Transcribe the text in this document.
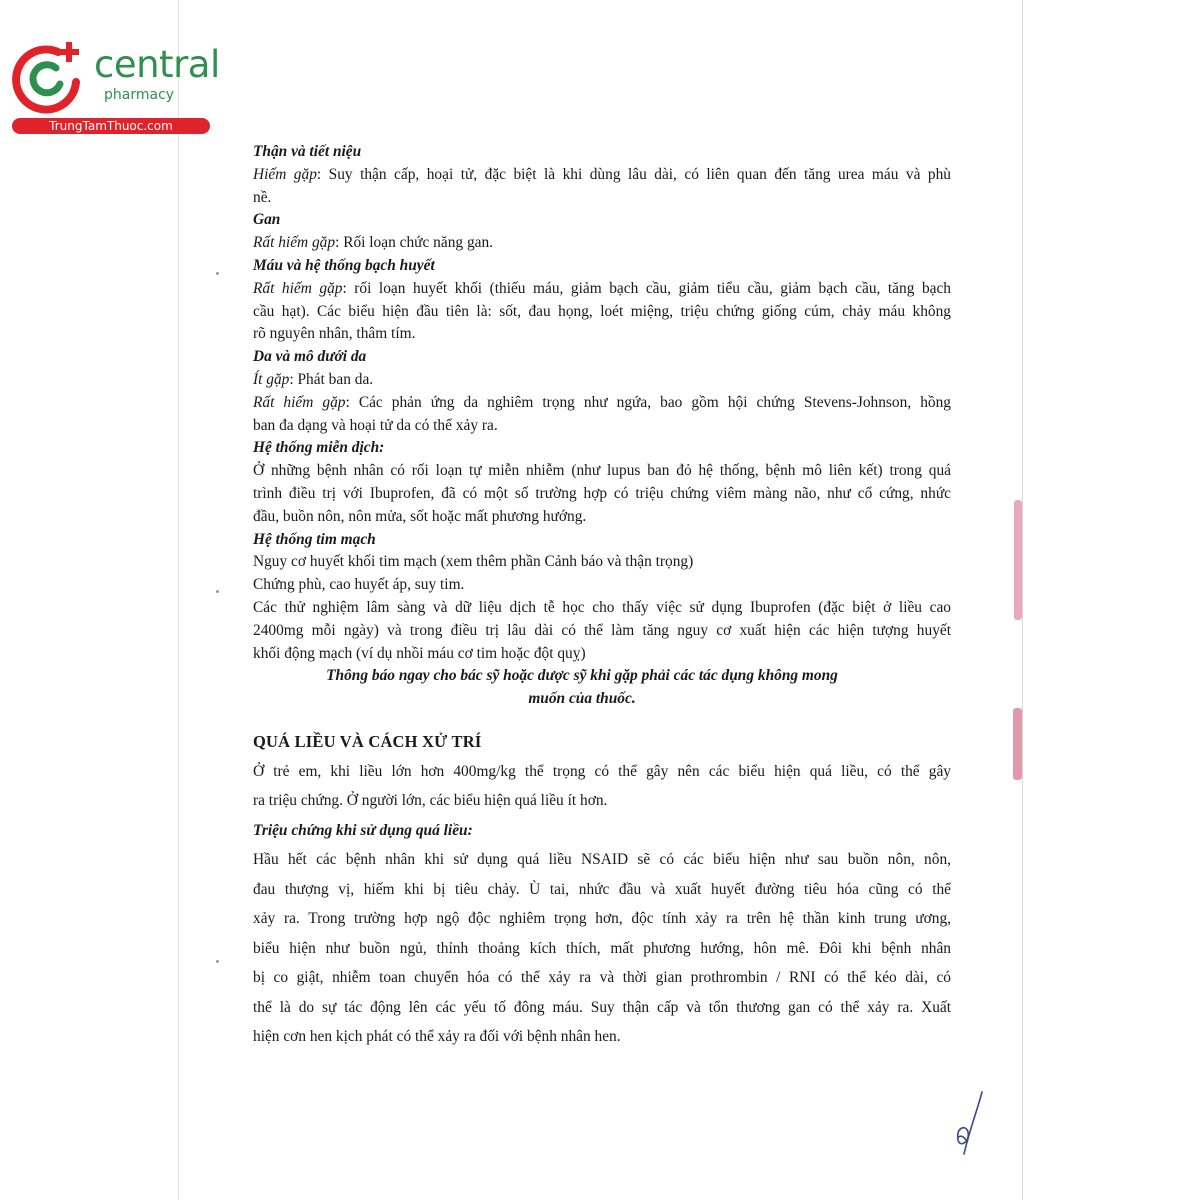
central
pharmacy
TrungTamThuoc.com
Thận và tiết niệu
Hiếm gặp: Suy thận cấp, hoại tử, đặc biệt là khi dùng lâu dài, có liên quan đến tăng urea máu và phù
nề.
Gan
Rất hiếm gặp: Rối loạn chức năng gan.
Máu và hệ thống bạch huyết
Rất hiếm gặp: rối loạn huyết khối (thiếu máu, giảm bạch cầu, giảm tiểu cầu, giảm bạch cầu, tăng bạch
cầu hạt). Các biểu hiện đầu tiên là: sốt, đau họng, loét miệng, triệu chứng giống cúm, chảy máu không
rõ nguyên nhân, thâm tím.
Da và mô dưới da
Ít gặp: Phát ban da.
Rất hiếm gặp: Các phản ứng da nghiêm trọng như ngứa, bao gồm hội chứng Stevens-Johnson, hồng
ban đa dạng và hoại tử da có thể xảy ra.
Hệ thống miễn dịch:
Ở những bệnh nhân có rối loạn tự miễn nhiễm (như lupus ban đỏ hệ thống, bệnh mô liên kết) trong quá
trình điều trị với Ibuprofen, đã có một số trường hợp có triệu chứng viêm màng não, như cổ cứng, nhức
đầu, buồn nôn, nôn mửa, sốt hoặc mất phương hướng.
Hệ thống tim mạch
Nguy cơ huyết khối tim mạch (xem thêm phần Cảnh báo và thận trọng)
Chứng phù, cao huyết áp, suy tim.
Các thử nghiệm lâm sàng và dữ liệu dịch tễ học cho thấy việc sử dụng Ibuprofen (đặc biệt ở liều cao
2400mg mỗi ngày) và trong điều trị lâu dài có thể làm tăng nguy cơ xuất hiện các hiện tượng huyết
khối động mạch (ví dụ nhồi máu cơ tim hoặc đột quỵ)
Thông báo ngay cho bác sỹ hoặc dược sỹ khi gặp phải các tác dụng không mong
muốn của thuốc.
QUÁ LIỀU VÀ CÁCH XỬ TRÍ
Ở trẻ em, khi liều lớn hơn 400mg/kg thể trọng có thể gây nên các biểu hiện quá liều, có thể gây
ra triệu chứng. Ở người lớn, các biểu hiện quá liều ít hơn.
Triệu chứng khi sử dụng quá liều:
Hầu hết các bệnh nhân khi sử dụng quá liều NSAID sẽ có các biểu hiện như sau buồn nôn, nôn,
đau thượng vị, hiếm khi bị tiêu chảy. Ù tai, nhức đầu và xuất huyết đường tiêu hóa cũng có thể
xảy ra. Trong trường hợp ngộ độc nghiêm trọng hơn, độc tính xảy ra trên hệ thần kinh trung ương,
biểu hiện như buồn ngủ, thỉnh thoảng kích thích, mất phương hướng, hôn mê. Đôi khi bệnh nhân
bị co giật, nhiễm toan chuyển hóa có thể xảy ra và thời gian prothrombin / RNI có thể kéo dài, có
thể là do sự tác động lên các yếu tố đông máu. Suy thận cấp và tổn thương gan có thể xảy ra. Xuất
hiện cơn hen kịch phát có thể xảy ra đối với bệnh nhân hen.
